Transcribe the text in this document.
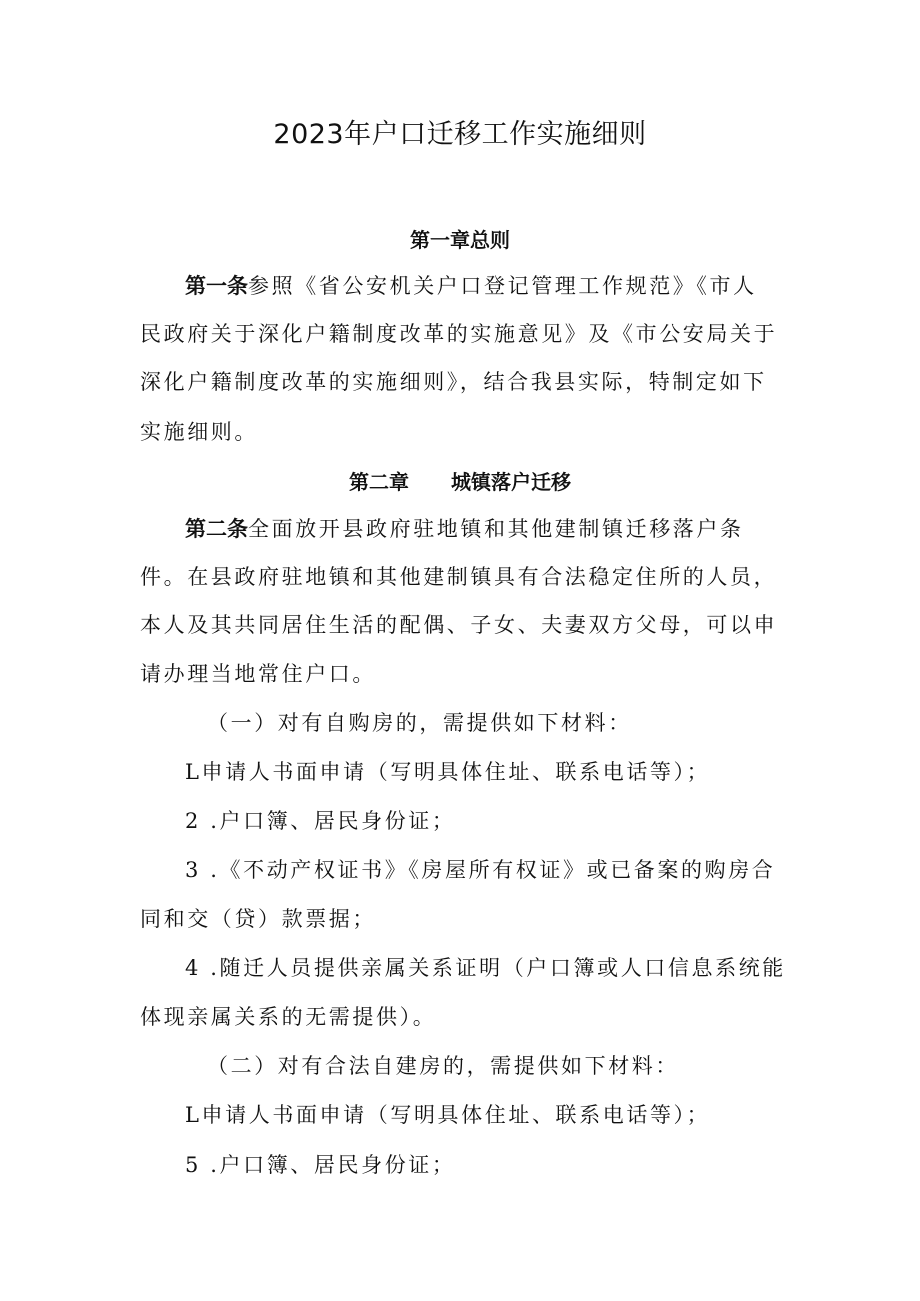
2023年户口迁移工作实施细则
第一章总则
第一条参照《省公安机关户口登记管理工作规范》《市人
民政府关于深化户籍制度改革的实施意见》及《市公安局关于
深化户籍制度改革的实施细则》，结合我县实际，特制定如下
实施细则。
第二章 城镇落户迁移
第二条全面放开县政府驻地镇和其他建制镇迁移落户条
件。在县政府驻地镇和其他建制镇具有合法稳定住所的人员，
本人及其共同居住生活的配偶、子女、夫妻双方父母，可以申
请办理当地常住户口。
（一）对有自购房的，需提供如下材料：
L申请人书面申请（写明具体住址、联系电话等）；
2 .户口簿、居民身份证；
3 .《不动产权证书》《房屋所有权证》或已备案的购房合
同和交（贷）款票据；
4 .随迁人员提供亲属关系证明（户口簿或人口信息系统能
体现亲属关系的无需提供）。
（二）对有合法自建房的，需提供如下材料：
L申请人书面申请（写明具体住址、联系电话等）；
5 .户口簿、居民身份证；
